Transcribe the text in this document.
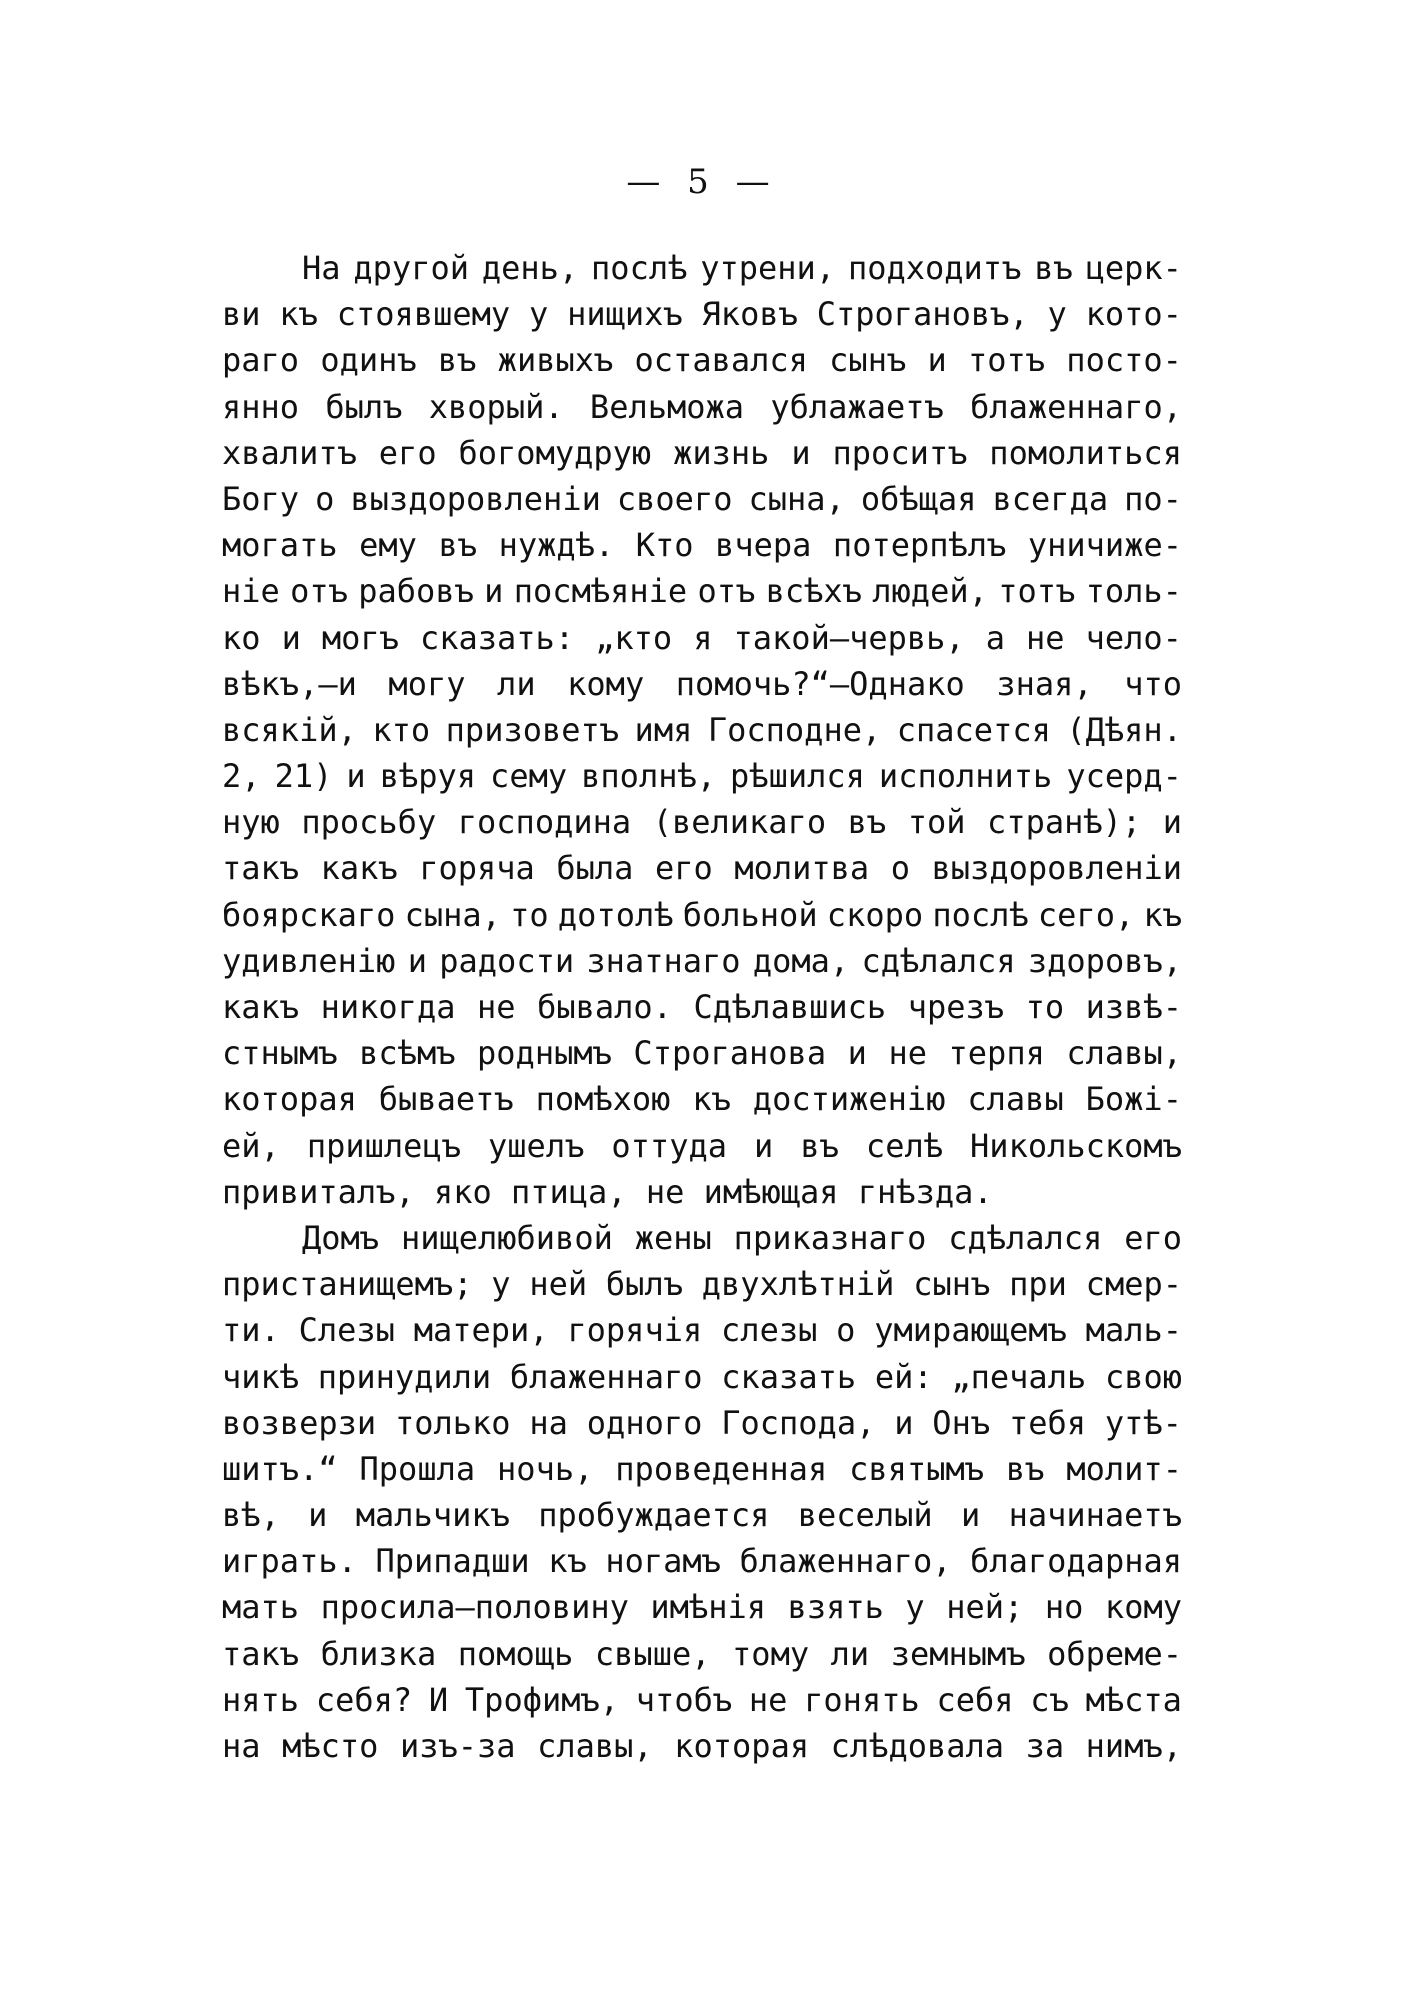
— 5 —
На другой день, послѣ утрени, подходитъ въ церк-
ви къ стоявшему у нищихъ Яковъ Строгановъ, у кото-
раго одинъ въ живыхъ оставался сынъ и тотъ посто-
янно былъ хворый. Вельможа ублажаетъ блаженнаго,
хвалитъ его богомудрую жизнь и проситъ помолиться
Богу о выздоровленіи своего сына, обѣщая всегда по-
могать ему въ нуждѣ. Кто вчера потерпѣлъ уничиже-
ніе отъ рабовъ и посмѣяніе отъ всѣхъ людей, тотъ толь-
ко и могъ сказать: „кто я такой—червь, а не чело-
вѣкъ,—и могу ли кому помочь?“—Однако зная, что
всякій, кто призоветъ имя Господне, спасется (Дѣян.
2, 21) и вѣруя сему вполнѣ, рѣшился исполнить усерд-
ную просьбу господина (великаго въ той странѣ); и
такъ какъ горяча была его молитва о выздоровленіи
боярскаго сына, то дотолѣ больной скоро послѣ сего, къ
удивленію и радости знатнаго дома, сдѣлался здоровъ,
какъ никогда не бывало. Сдѣлавшись чрезъ то извѣ-
стнымъ всѣмъ роднымъ Строганова и не терпя славы,
которая бываетъ помѣхою къ достиженію славы Божі-
ей, пришлецъ ушелъ оттуда и въ селѣ Никольскомъ
привиталъ, яко птица, не имѣющая гнѣзда.
Домъ нищелюбивой жены приказнаго сдѣлался его
пристанищемъ; у ней былъ двухлѣтній сынъ при смер-
ти. Слезы матери, горячія слезы о умирающемъ маль-
чикѣ принудили блаженнаго сказать ей: „печаль свою
возверзи только на одного Господа, и Онъ тебя утѣ-
шитъ.“ Прошла ночь, проведенная святымъ въ молит-
вѣ, и мальчикъ пробуждается веселый и начинаетъ
играть. Припадши къ ногамъ блаженнаго, благодарная
мать просила—половину имѣнія взять у ней; но кому
такъ близка помощь свыше, тому ли земнымъ обреме-
нять себя? И Трофимъ, чтобъ не гонять себя съ мѣста
на мѣсто изъ-за славы, которая слѣдовала за нимъ,
